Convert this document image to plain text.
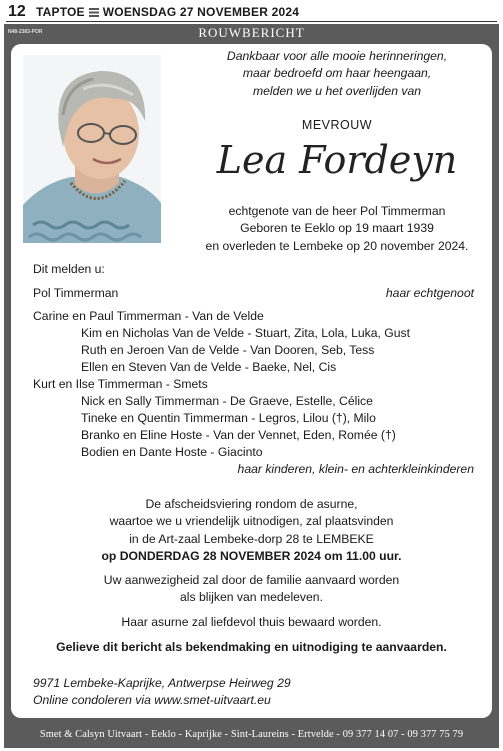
12 TAPTOE WOENSDAG 27 NOVEMBER 2024
N48-2383-POR	ROUWBERICHT
Dankbaar voor alle mooie herinneringen,
maar bedroefd om haar heengaan,
melden we u het overlijden van
MEVROUW
Lea Fordeyn
echtgenote van de heer Pol Timmerman
Geboren te Eeklo op 19 maart 1939
en overleden te Lembeke op 20 november 2024.
Dit melden u:
Pol Timmerman	haar echtgenoot
Carine en Paul Timmerman - Van de Velde
Kim en Nicholas Van de Velde - Stuart, Zita, Lola, Luka, Gust
Ruth en Jeroen Van de Velde - Van Dooren, Seb, Tess
Ellen en Steven Van de Velde - Baeke, Nel, Cis
Kurt en Ilse Timmerman - Smets
Nick en Sally Timmerman - De Graeve, Estelle, Célice
Tineke en Quentin Timmerman - Legros, Lilou (†), Milo
Branko en Eline Hoste - Van der Vennet, Eden, Romée (†)
Bodien en Dante Hoste - Giacinto
haar kinderen, klein- en achterkleinkinderen
De afscheidsviering rondom de asurne,
waartoe we u vriendelijk uitnodigen, zal plaatsvinden
in de Art-zaal Lembeke-dorp 28 te LEMBEKE
op DONDERDAG 28 NOVEMBER 2024 om 11.00 uur.
Uw aanwezigheid zal door de familie aanvaard worden
als blijken van medeleven.
Haar asurne zal liefdevol thuis bewaard worden.
Gelieve dit bericht als bekendmaking en uitnodiging te aanvaarden.
9971 Lembeke-Kaprijke, Antwerpse Heirweg 29
Online condoleren via www.smet-uitvaart.eu
Smet & Calsyn Uitvaart - Eeklo - Kaprijke - Sint-Laureins - Ertvelde - 09 377 14 07 - 09 377 75 79
